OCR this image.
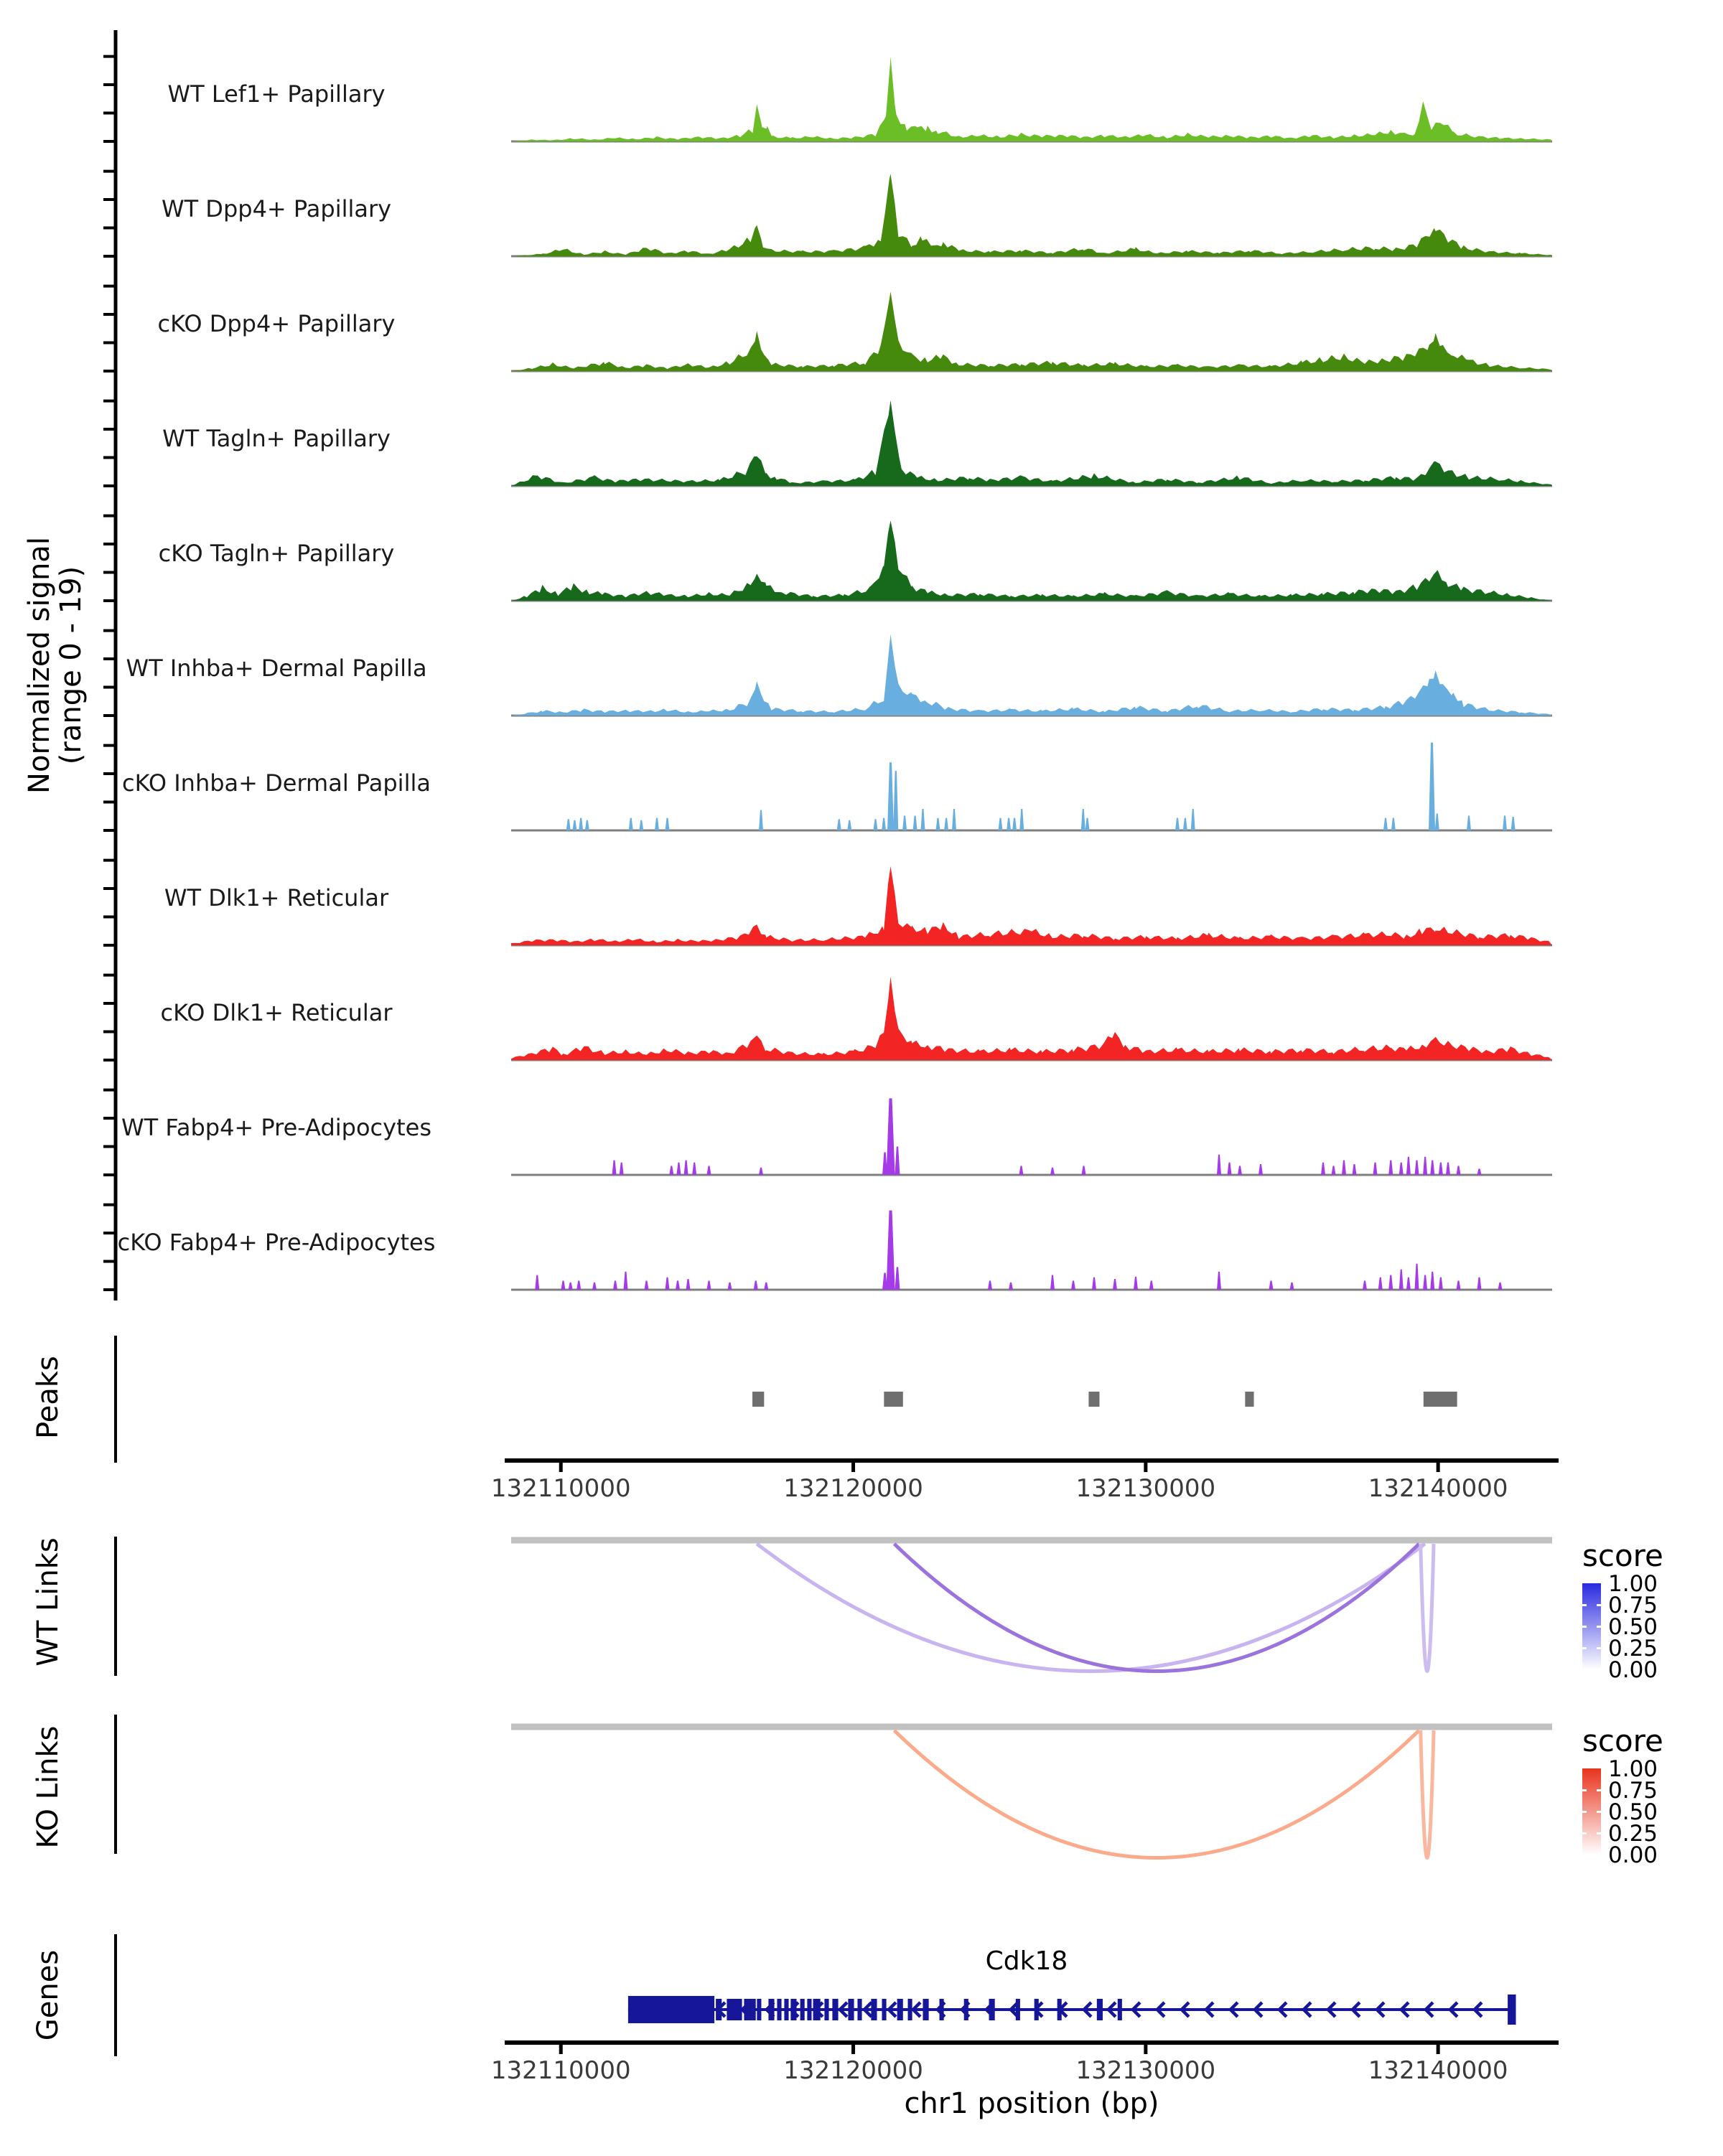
WT Lef1+ Papillary
WT Dpp4+ Papillary
cKO Dpp4+ Papillary
WT Tagln+ Papillary
cKO Tagln+ Papillary
WT Inhba+ Dermal Papilla
cKO Inhba+ Dermal Papilla
WT Dlk1+ Reticular
cKO Dlk1+ Reticular
WT Fabp4+ Pre-Adipocytes
cKO Fabp4+ Pre-Adipocytes
Normalized signal
(range 0 - 19)
Peaks
WT Links
KO Links
Genes
132110000	132120000	132130000	132140000
score
1.00
0.75
0.50
0.25
0.00
score
1.00
0.75
0.50
0.25
0.00
Cdk18
132110000	132120000	132130000	132140000
chr1 position (bp)
